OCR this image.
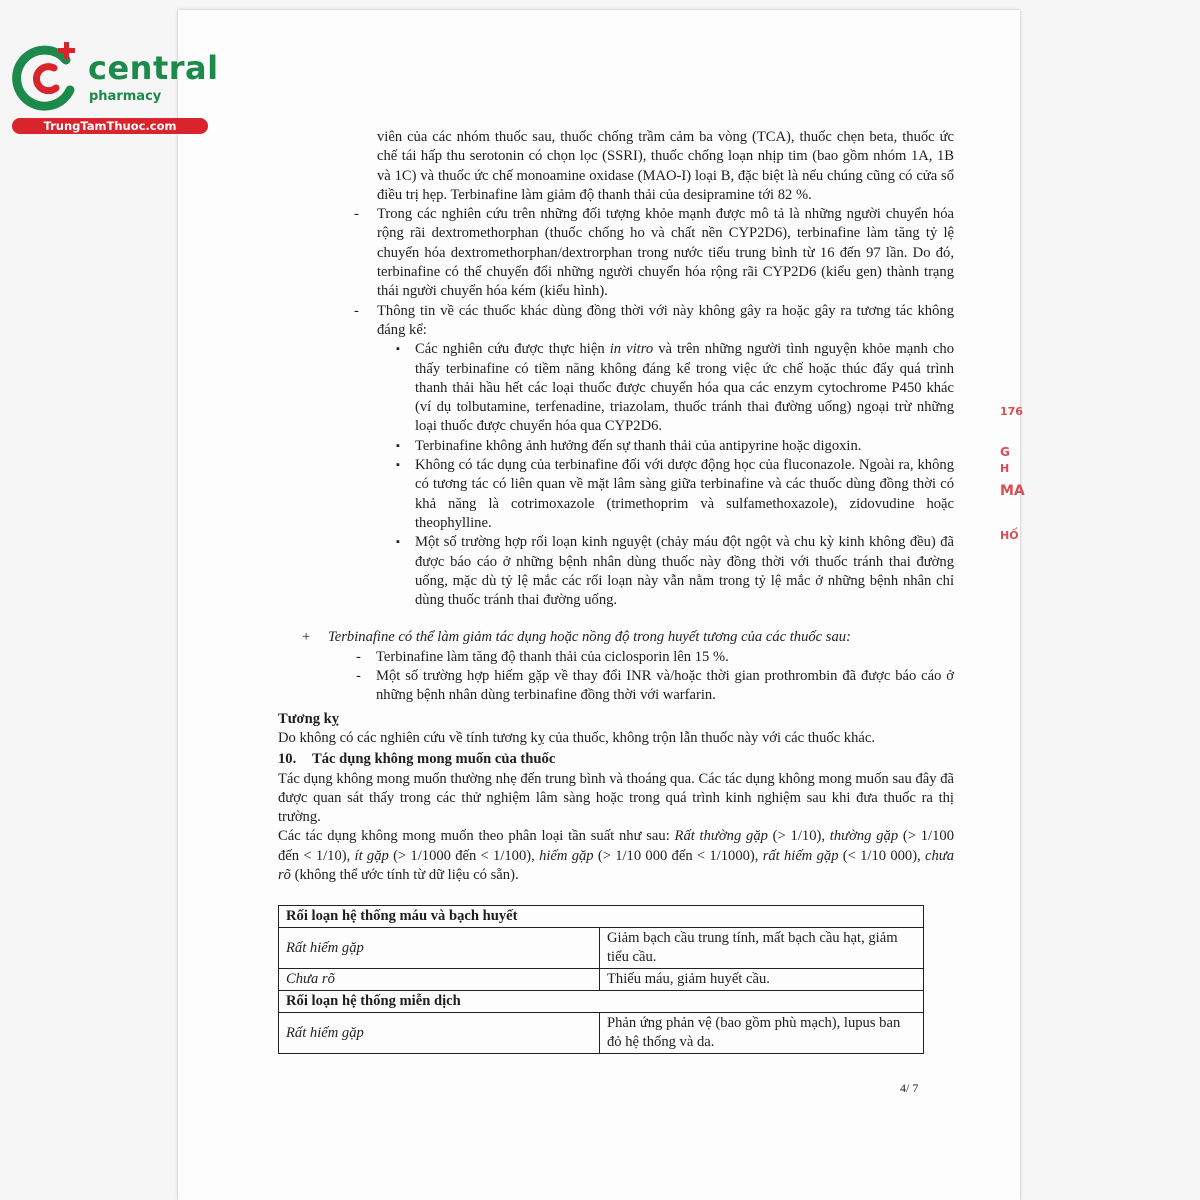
central
pharmacy
TrungTamThuoc.com
176
G
H
MA
HỐ

viên của các nhóm thuốc sau, thuốc chống trầm cảm ba vòng (TCA), thuốc chẹn beta, thuốc ức chế tái hấp thu serotonin có chọn lọc (SSRI), thuốc chống loạn nhịp tim (bao gồm nhóm 1A, 1B và 1C) và thuốc ức chế monoamine oxidase (MAO-I) loại B, đặc biệt là nếu chúng cũng có cửa sổ điều trị hẹp. Terbinafine làm giảm độ thanh thải của desipramine tới 82 %.

- Trong các nghiên cứu trên những đối tượng khỏe mạnh được mô tả là những người chuyển hóa rộng rãi dextromethorphan (thuốc chống ho và chất nền CYP2D6), terbinafine làm tăng tỷ lệ chuyển hóa dextromethorphan/dextrorphan trong nước tiểu trung bình từ 16 đến 97 lần. Do đó, terbinafine có thể chuyển đổi những người chuyển hóa rộng rãi CYP2D6 (kiểu gen) thành trạng thái người chuyển hóa kém (kiểu hình).
- Thông tin về các thuốc khác dùng đồng thời với này không gây ra hoặc gây ra tương tác không đáng kể:
▪ Các nghiên cứu được thực hiện in vitro và trên những người tình nguyện khỏe mạnh cho thấy terbinafine có tiềm năng không đáng kể trong việc ức chế hoặc thúc đẩy quá trình thanh thải hầu hết các loại thuốc được chuyển hóa qua các enzym cytochrome P450 khác (ví dụ tolbutamine, terfenadine, triazolam, thuốc tránh thai đường uống) ngoại trừ những loại thuốc được chuyển hóa qua CYP2D6.
▪ Terbinafine không ảnh hưởng đến sự thanh thải của antipyrine hoặc digoxin.
▪ Không có tác dụng của terbinafine đối với dược động học của fluconazole. Ngoài ra, không có tương tác có liên quan về mặt lâm sàng giữa terbinafine và các thuốc dùng đồng thời có khả năng là cotrimoxazole (trimethoprim và sulfamethoxazole), zidovudine hoặc theophylline.
▪ Một số trường hợp rối loạn kinh nguyệt (chảy máu đột ngột và chu kỳ kinh không đều) đã được báo cáo ở những bệnh nhân dùng thuốc này đồng thời với thuốc tránh thai đường uống, mặc dù tỷ lệ mắc các rối loạn này vẫn nằm trong tỷ lệ mắc ở những bệnh nhân chỉ dùng thuốc tránh thai đường uống.

+ Terbinafine có thể làm giảm tác dụng hoặc nồng độ trong huyết tương của các thuốc sau:

- Terbinafine làm tăng độ thanh thải của ciclosporin lên 15 %.
- Một số trường hợp hiếm gặp về thay đổi INR và/hoặc thời gian prothrombin đã được báo cáo ở những bệnh nhân dùng terbinafine đồng thời với warfarin.

Tương kỵ

Do không có các nghiên cứu về tính tương kỵ của thuốc, không trộn lẫn thuốc này với các thuốc khác.

10. Tác dụng không mong muốn của thuốc

Tác dụng không mong muốn thường nhẹ đến trung bình và thoáng qua. Các tác dụng không mong muốn sau đây đã được quan sát thấy trong các thử nghiệm lâm sàng hoặc trong quá trình kinh nghiệm sau khi đưa thuốc ra thị trường.

Các tác dụng không mong muốn theo phân loại tần suất như sau: Rất thường gặp (> 1/10), thường gặp (> 1/100 đến < 1/10), ít gặp (> 1/1000 đến < 1/100), hiếm gặp (> 1/10 000 đến < 1/1000), rất hiếm gặp (< 1/10 000), chưa rõ (không thể ước tính từ dữ liệu có sẵn).

Rối loạn hệ thống máu và bạch huyết	
Rất hiếm gặp	Giảm bạch cầu trung tính, mất bạch cầu hạt, giảm tiểu cầu.
Chưa rõ	Thiếu máu, giảm huyết cầu.
Rối loạn hệ thống miễn dịch	
Rất hiếm gặp	Phản ứng phản vệ (bao gồm phù mạch), lupus ban đỏ hệ thống và da.
4/ 7
